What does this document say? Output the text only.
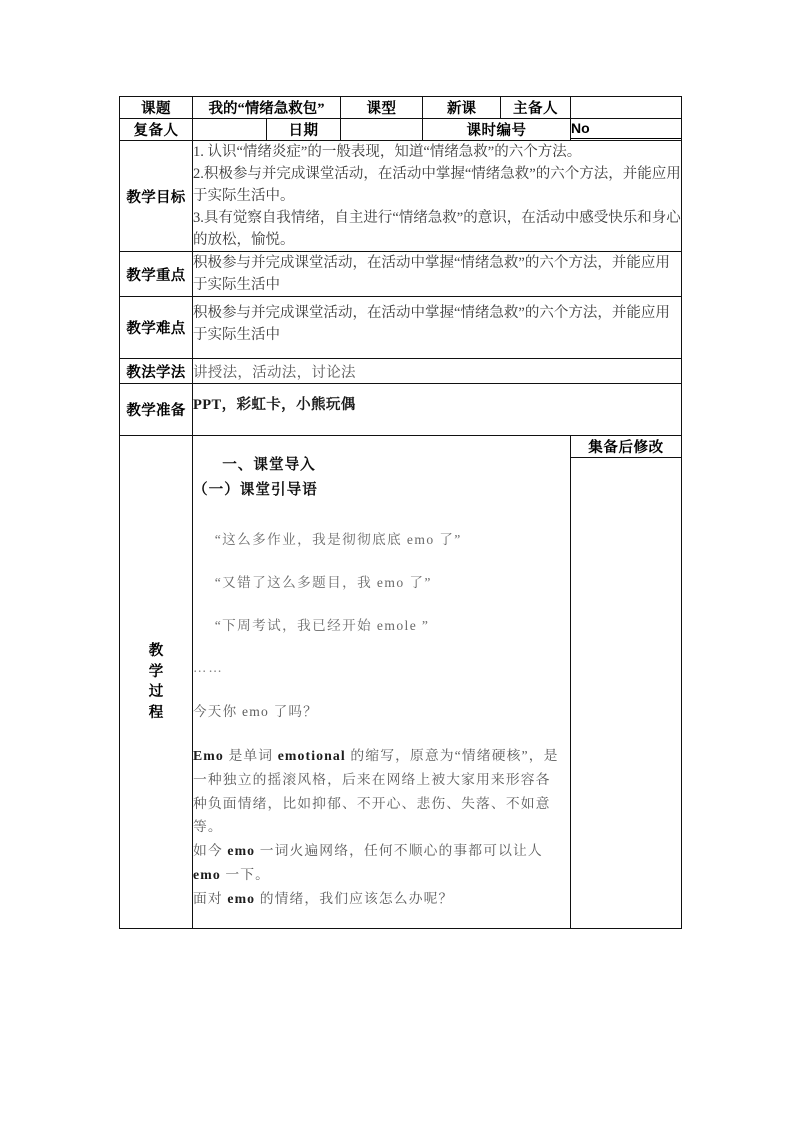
课题	我的“情绪急救包”		课型	新课	主备人	
复备人		日期		课时编号		No

教学目标	1. 认识“情绪炎症”的一般表现，知道“情绪急救”的六个方法。

2.积极参与并完成课堂活动，在活动中掌握“情绪急救”的六个方法，并能应用于实际生活中。

3.具有觉察自我情绪，自主进行“情绪急救”的意识，在活动中感受快乐和身心的放松，愉悦。					

教学重点	积极参与并完成课堂活动，在活动中掌握“情绪急救”的六个方法，并能应用于实际生活中					
教学难点	积极参与并完成课堂活动，在活动中掌握“情绪急救”的六个方法，并能应用于实际生活中					
教法学法	讲授法，活动法，讨论法					
教学准备	PPT，彩虹卡，小熊玩偶					

教
学
过
程

一、课堂导入

（一）课堂引导语

“这么多作业，我是彻彻底底 emo 了”

“又错了这么多题目，我 emo 了”

“下周考试，我已经开始 emole ”

……

今天你 emo 了吗？

Emo 是单词 emotional 的缩写，原意为“情绪硬核”，是

一种独立的摇滚风格，后来在网络上被大家用来形容各

种负面情绪，比如抑郁、不开心、悲伤、失落、不如意

等。

如今 emo 一词火遍网络，任何不顺心的事都可以让人

emo 一下。

面对 emo 的情绪，我们应该怎么办呢？

	集备后修改
